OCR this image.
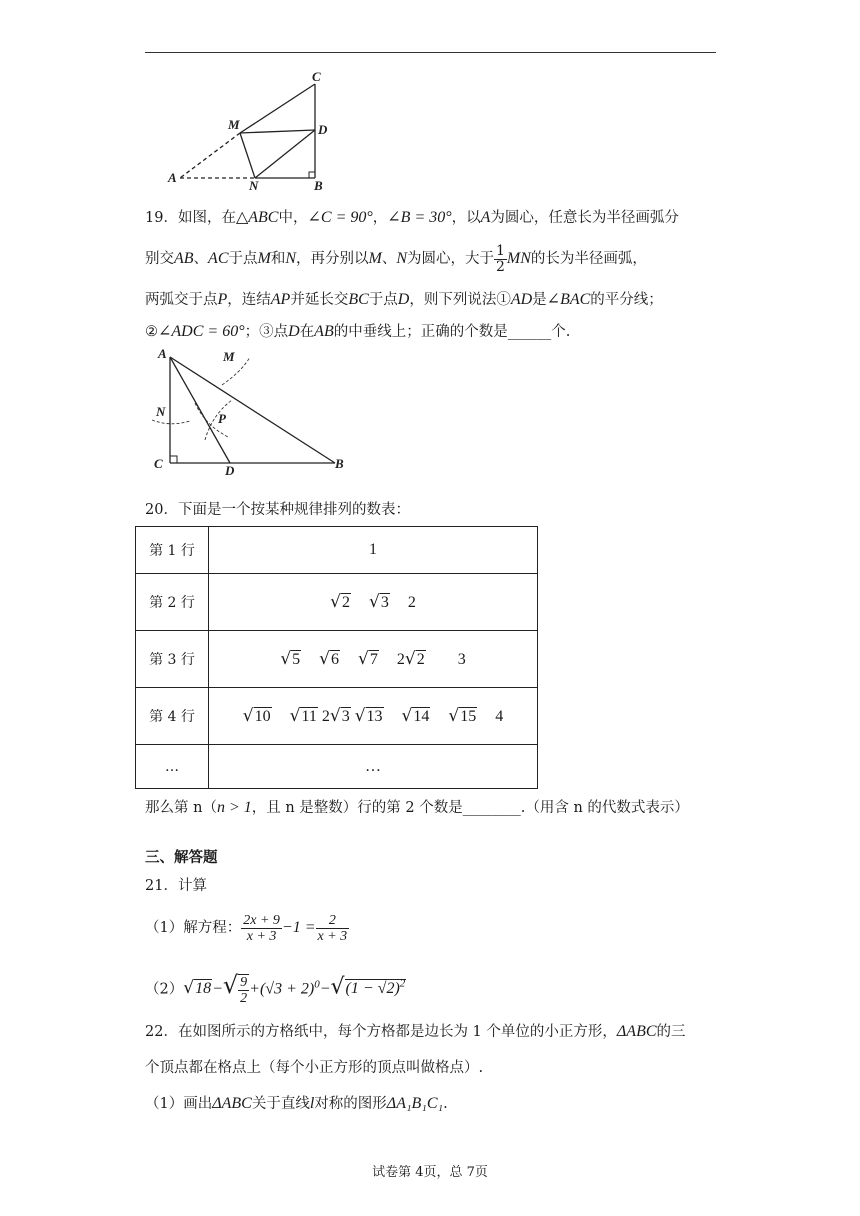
C
M	D
A
N	B
19．如图，在△ABC中，∠C = 90°，∠B = 30°，以A为圆心，任意长为半径画弧分
别交AB、AC于点M和N，再分别以M、N为圆心，大于 $\frac{1}{2}$ MN的长为半径画弧，
两弧交于点P，连结AP并延长交BC于点D，则下列说法①AD是∠BAC的平分线；
②∠ADC = 60°；③点D在AB的中垂线上；正确的个数是______个.
A	M
N	P
C	D	B
20．下面是一个按某种规律排列的数表：
第 1 行	1
第 2 行	√2 √3 2
第 3 行	√5 √6 √7 2√2 3
第 4 行	√10 √11 2√3 √13 √14 √15 4
…	…
那么第 n（n > 1，且 n 是整数）行的第 2 个数是________.（用含 n 的代数式表示）
三、解答题
21．计算
（1）解方程： $\frac{2x + 9}{x + 3} -1 = \frac{2}{x + 3}$
$(2)√18-√ \frac{9}{2} +(√3 + 2)^0-√(1 - √2)^2$
22．在如图所示的方格纸中，每个方格都是边长为 1 个单位的小正方形，ΔABC的三
个顶点都在格点上（每个小正方形的顶点叫做格点）.
（1）画出ΔABC关于直线l对称的图形ΔA₁B₁C₁.
试卷第 4页，总 7页
